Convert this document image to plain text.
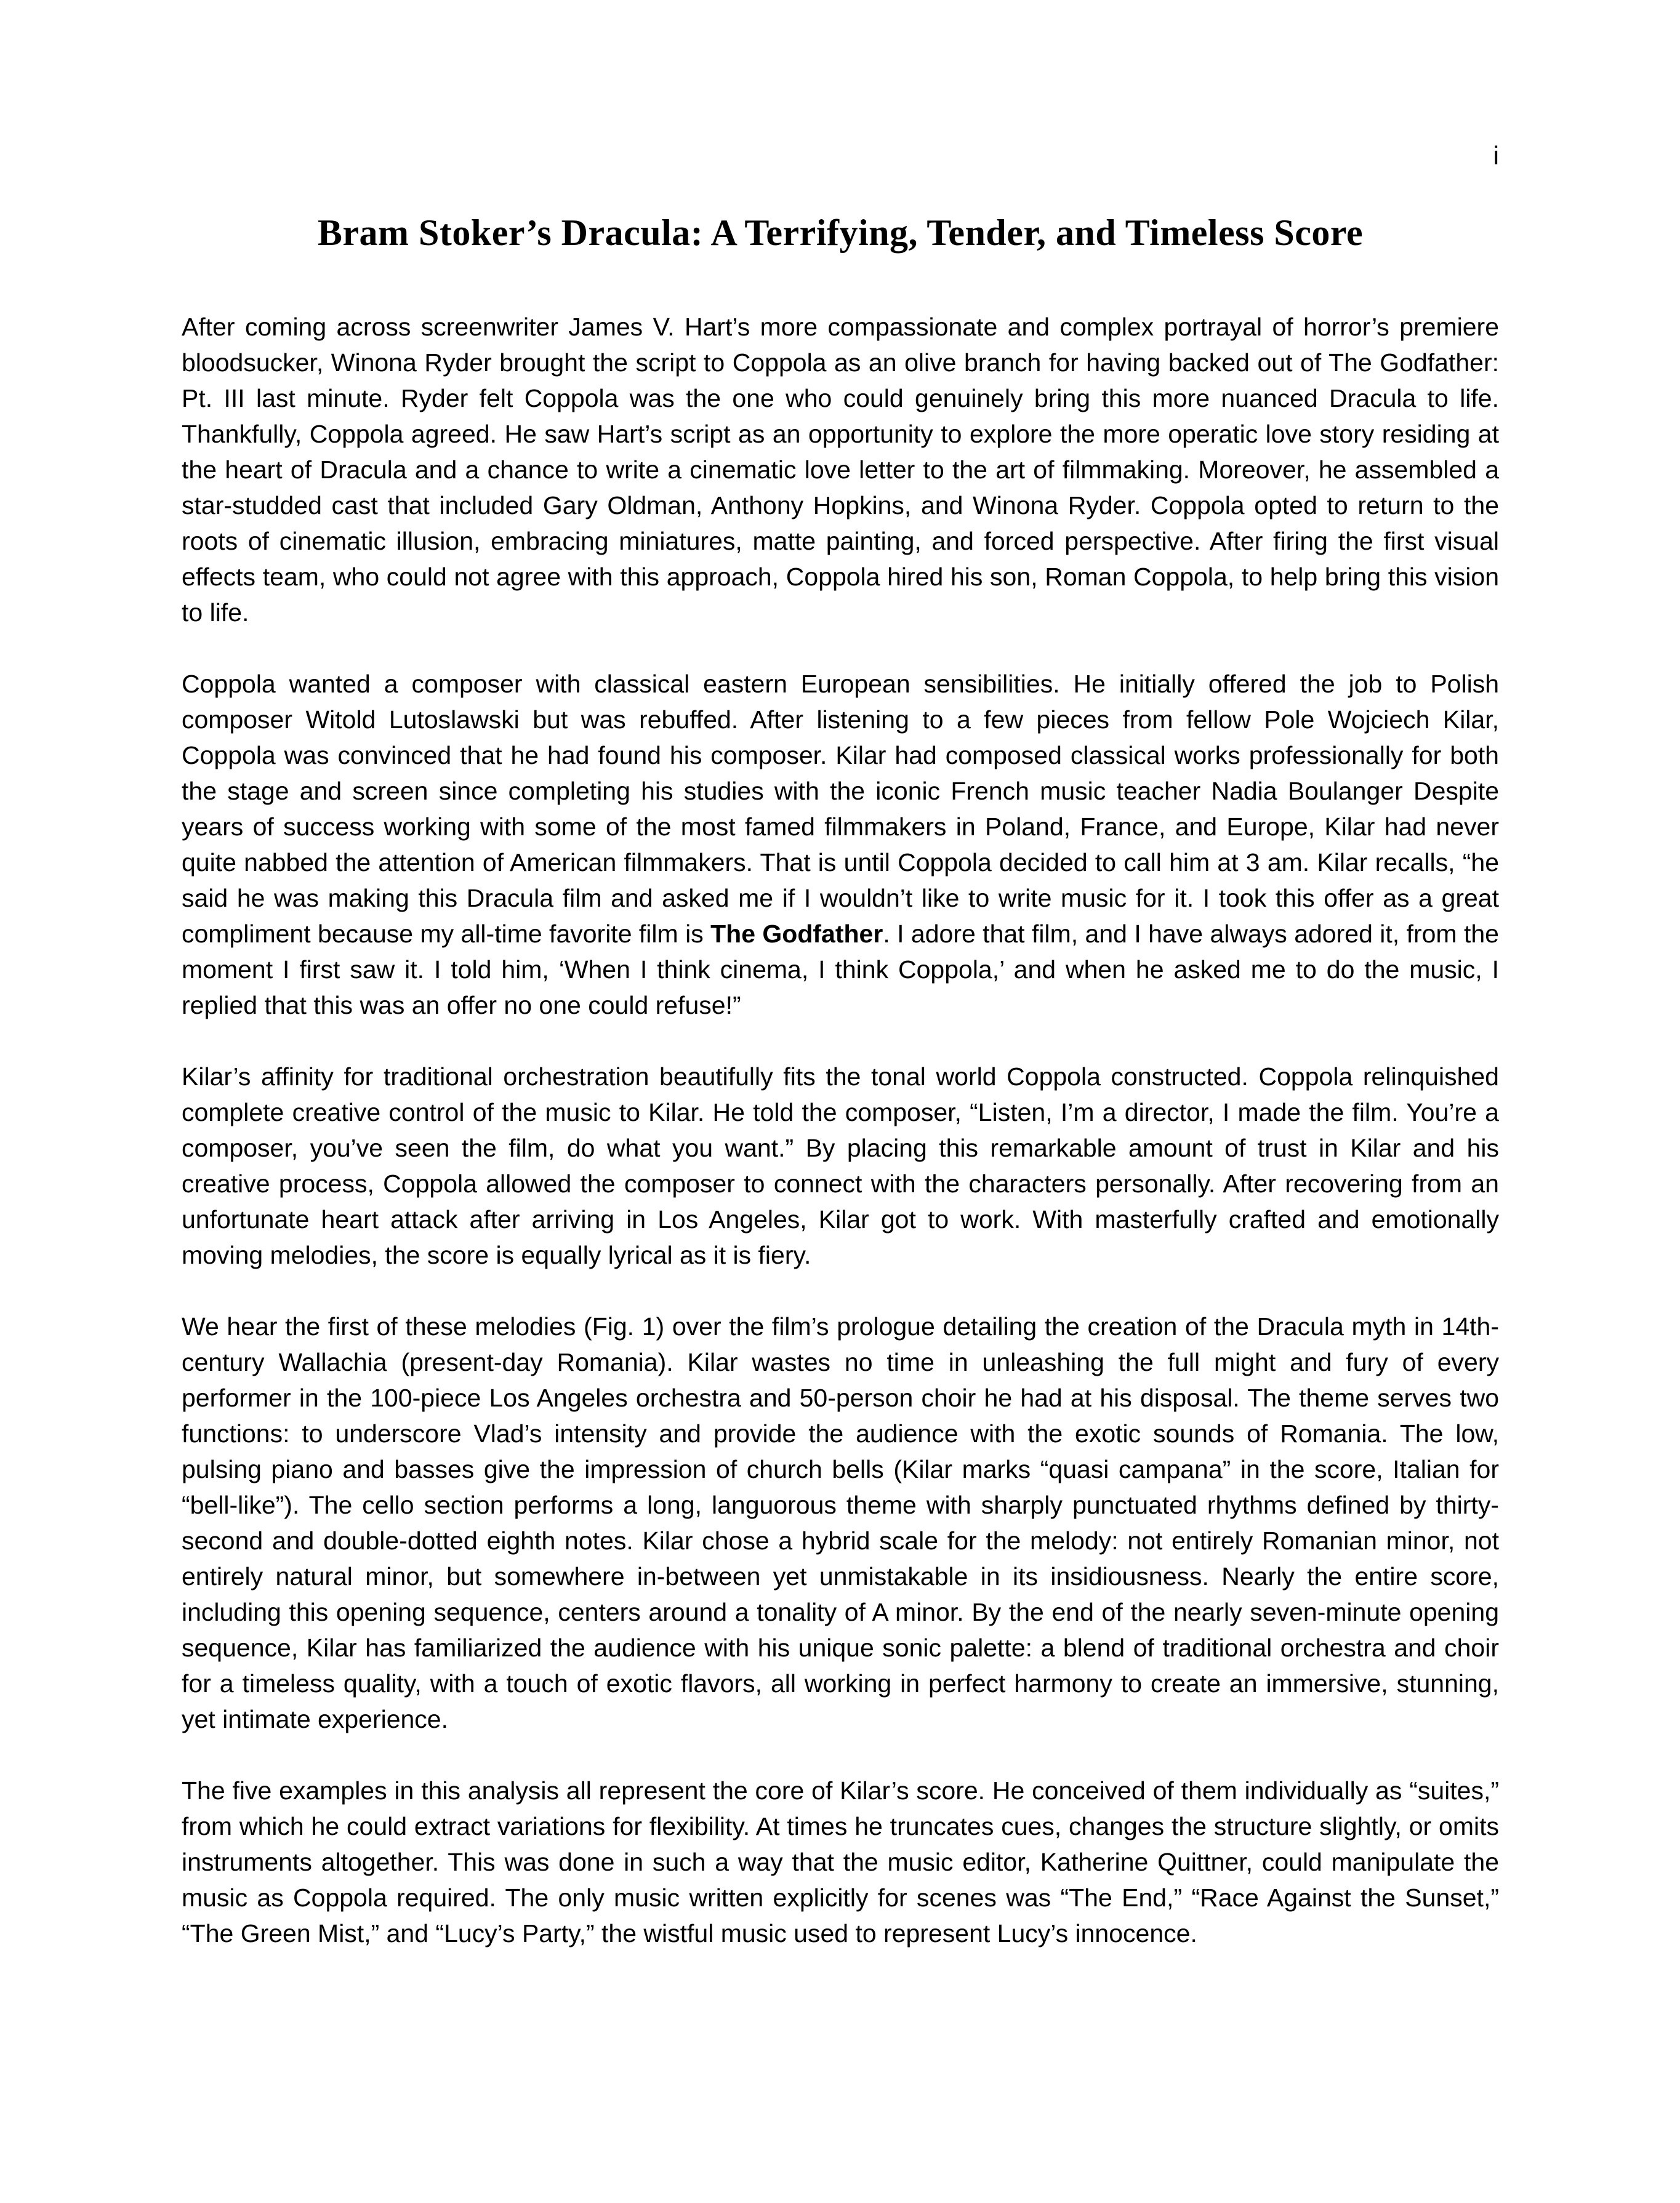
i
Bram Stoker’s Dracula: A Terrifying, Tender, and Timeless Score

After coming across screenwriter James V. Hart’s more compassionate and complex portrayal of horror’s premiere bloodsucker, Winona Ryder brought the script to Coppola as an olive branch for having backed out of The Godfather: Pt. III last minute. Ryder felt Coppola was the one who could genuinely bring this more nuanced Dracula to life. Thankfully, Coppola agreed. He saw Hart’s script as an opportunity to explore the more operatic love story residing at the heart of Dracula and a chance to write a cinematic love letter to the art of filmmaking. Moreover, he assembled a star-studded cast that included Gary Oldman, Anthony Hopkins, and Winona Ryder. Coppola opted to return to the roots of cinematic illusion, embracing miniatures, matte painting, and forced perspective. After firing the first visual effects team, who could not agree with this approach, Coppola hired his son, Roman Coppola, to help bring this vision to life.

Coppola wanted a composer with classical eastern European sensibilities. He initially offered the job to Polish composer Witold Lutoslawski but was rebuffed. After listening to a few pieces from fellow Pole Wojciech Kilar, Coppola was convinced that he had found his composer. Kilar had composed classical works professionally for both the stage and screen since completing his studies with the iconic French music teacher Nadia Boulanger Despite years of success working with some of the most famed filmmakers in Poland, France, and Europe, Kilar had never quite nabbed the attention of American filmmakers. That is until Coppola decided to call him at 3 am. Kilar recalls, “he said he was making this Dracula film and asked me if I wouldn’t like to write music for it. I took this offer as a great compliment because my all-time favorite film is The Godfather. I adore that film, and I have always adored it, from the moment I first saw it. I told him, ‘When I think cinema, I think Coppola,’ and when he asked me to do the music, I replied that this was an offer no one could refuse!”

Kilar’s affinity for traditional orchestration beautifully fits the tonal world Coppola constructed. Coppola relinquished complete creative control of the music to Kilar. He told the composer, “Listen, I’m a director, I made the film. You’re a composer, you’ve seen the film, do what you want.” By placing this remarkable amount of trust in Kilar and his creative process, Coppola allowed the composer to connect with the characters personally. After recovering from an unfortunate heart attack after arriving in Los Angeles, Kilar got to work. With masterfully crafted and emotionally moving melodies, the score is equally lyrical as it is fiery.

We hear the first of these melodies (Fig. 1) over the film’s prologue detailing the creation of the Dracula myth in 14th-century Wallachia (present-day Romania). Kilar wastes no time in unleashing the full might and fury of every performer in the 100-piece Los Angeles orchestra and 50-person choir he had at his disposal. The theme serves two functions: to underscore Vlad’s intensity and provide the audience with the exotic sounds of Romania. The low, pulsing piano and basses give the impression of church bells (Kilar marks “quasi campana” in the score, Italian for “bell-like”). The cello section performs a long, languorous theme with sharply punctuated rhythms defined by thirty-second and double-dotted eighth notes. Kilar chose a hybrid scale for the melody: not entirely Romanian minor, not entirely natural minor, but somewhere in-between yet unmistakable in its insidiousness. Nearly the entire score, including this opening sequence, centers around a tonality of A minor. By the end of the nearly seven-minute opening sequence, Kilar has familiarized the audience with his unique sonic palette: a blend of traditional orchestra and choir for a timeless quality, with a touch of exotic flavors, all working in perfect harmony to create an immersive, stunning, yet intimate experience.

The five examples in this analysis all represent the core of Kilar’s score. He conceived of them individually as “suites,” from which he could extract variations for flexibility. At times he truncates cues, changes the structure slightly, or omits instruments altogether. This was done in such a way that the music editor, Katherine Quittner, could manipulate the music as Coppola required. The only music written explicitly for scenes was “The End,” “Race Against the Sunset,” “The Green Mist,” and “Lucy’s Party,” the wistful music used to represent Lucy’s innocence.
